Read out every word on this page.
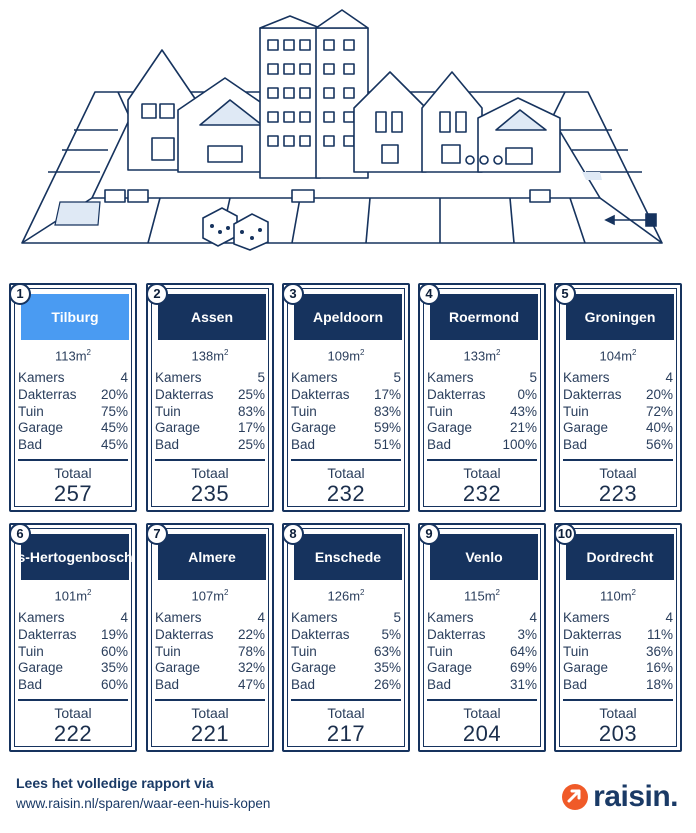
1
Tilburg
$113m^2$
Kamers	4
Dakterras 20%
Tuin	75%
Garage	45%
Bad	45%
Totaal
257
2
Assen
$138m^2$
Kamers	5
Dakterras 25%
Tuin	83%
Garage	17%
Bad	25%
Totaal
235
3
Apeldoorn
$109m^2$
Kamers	5
Dakterras 17%
Tuin	83%
Garage	59%
Bad	51%
Totaal
232
4
Roermond
$133m^2$
Kamers	5
Dakterras 0%
Tuin	43%
Garage	21%
Bad	100%
Totaal
232
5
Groningen
$104m^2$
Kamers	4
Dakterras 20%
Tuin	72%
Garage	40%
Bad	56%
Totaal
223
6
s-Hertogenbosch
$101m^2$
Kamers	4
Dakterras 19%
Tuin	60%
Garage	35%
Bad	60%
Totaal
222
7
Almere
$107m^2$
Kamers	4
Dakterras 22%
Tuin	78%
Garage	32%
Bad	47%
Totaal
221
8
Enschede
$126m^2$
Kamers	5
Dakterras 5%
Tuin	63%
Garage	35%
Bad	26%
Totaal
217
9
Venlo
$115m^2$
Kamers	4
Dakterras 3%
Tuin	64%
Garage	69%
Bad	31%
Totaal
204
10
Dordrecht
$110m^2$
Kamers	4
Dakterras 11%
Tuin	36%
Garage	16%
Bad	18%
Totaal
203
Lees het volledige rapport via
www.raisin.nl/sparen/waar-een-huis-kopen	raisin.
